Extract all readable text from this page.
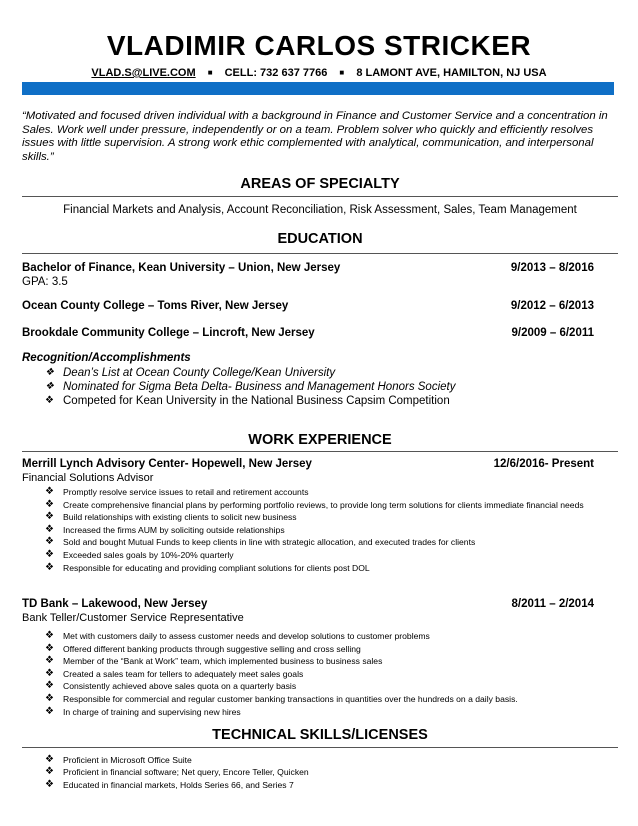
VLADIMIR CARLOS STRICKER
VLAD.S@LIVE.COM ■ CELL: 732 637 7766 ■ 8 LAMONT AVE, HAMILTON, NJ USA
“Motivated and focused driven individual with a background in Finance and Customer Service and a concentration in Sales. Work well under pressure, independently or on a team. Problem solver who quickly and efficiently resolves issues with little supervision. A strong work ethic complemented with analytical, communication, and interpersonal skills.”
AREAS OF SPECIALTY
Financial Markets and Analysis, Account Reconciliation, Risk Assessment, Sales, Team Management
EDUCATION
Bachelor of Finance, Kean University – Union, New Jersey	9/2013 – 8/2016
GPA: 3.5
Ocean County College – Toms River, New Jersey	9/2012 – 6/2013
Brookdale Community College – Lincroft, New Jersey	9/2009 – 6/2011
Recognition/Accomplishments
❖ Dean’s List at Ocean County College/Kean University
❖ Nominated for Sigma Beta Delta- Business and Management Honors Society
❖ Competed for Kean University in the National Business Capsim Competition
WORK EXPERIENCE
Merrill Lynch Advisory Center- Hopewell, New Jersey	12/6/2016- Present
Financial Solutions Advisor
❖ Promptly resolve service issues to retail and retirement accounts
❖ Create comprehensive financial plans by performing portfolio reviews, to provide long term solutions for clients immediate financial needs
❖ Build relationships with existing clients to solicit new business
❖ Increased the firms AUM by soliciting outside relationships
❖ Sold and bought Mutual Funds to keep clients in line with strategic allocation, and executed trades for clients
❖ Exceeded sales goals by 10%-20% quarterly
❖ Responsible for educating and providing compliant solutions for clients post DOL
TD Bank – Lakewood, New Jersey	8/2011 – 2/2014
Bank Teller/Customer Service Representative
❖ Met with customers daily to assess customer needs and develop solutions to customer problems
❖ Offered different banking products through suggestive selling and cross selling
❖ Member of the “Bank at Work” team, which implemented business to business sales
❖ Created a sales team for tellers to adequately meet sales goals
❖ Consistently achieved above sales quota on a quarterly basis
❖ Responsible for commercial and regular customer banking transactions in quantities over the hundreds on a daily basis.
❖ In charge of training and supervising new hires
TECHNICAL SKILLS/LICENSES
❖ Proficient in Microsoft Office Suite
❖ Proficient in financial software; Net query, Encore Teller, Quicken
❖ Educated in financial markets, Holds Series 66, and Series 7
